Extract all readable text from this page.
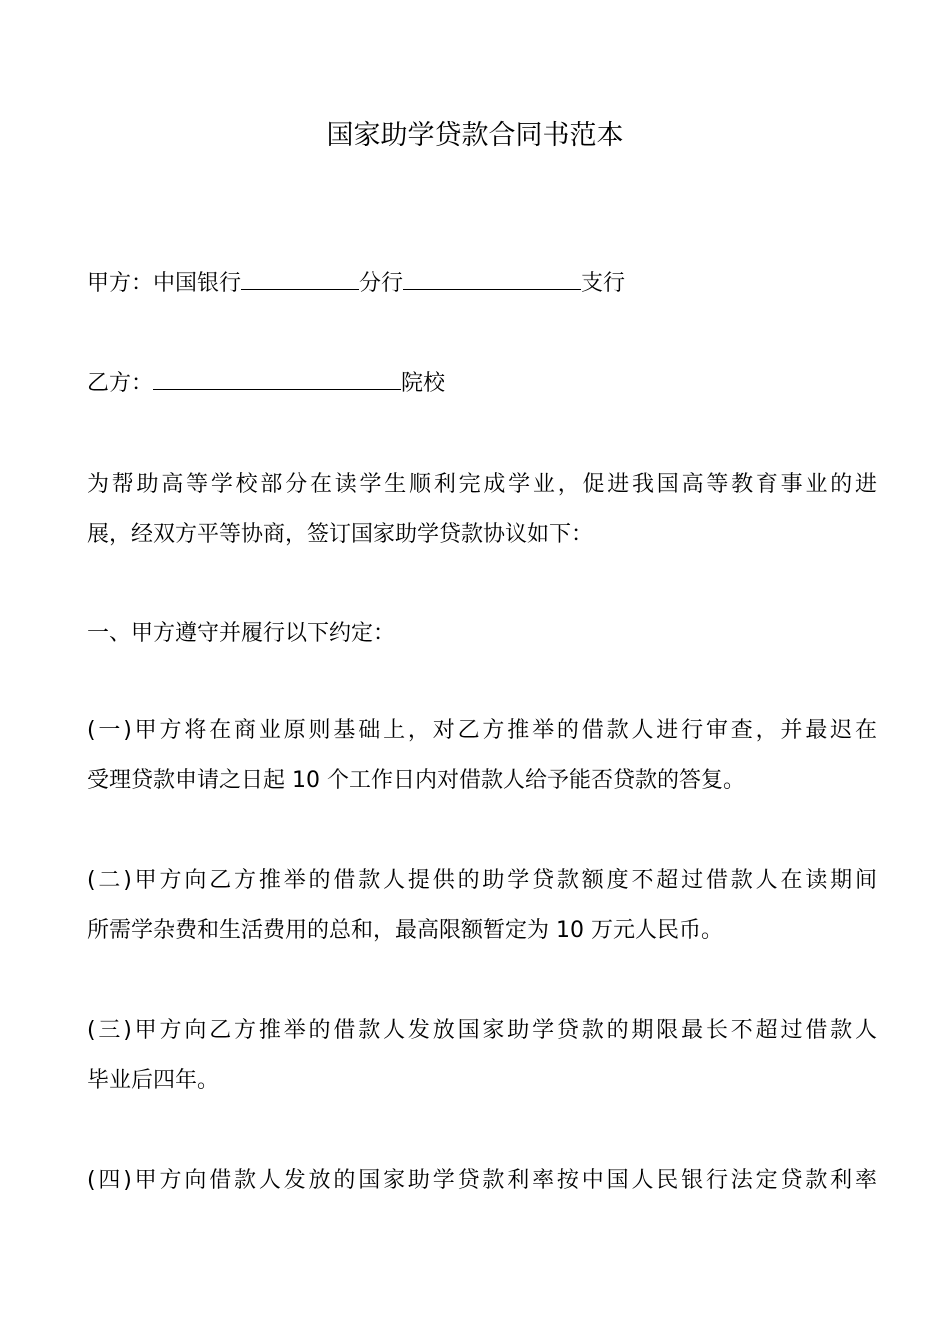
国家助学贷款合同书范本
甲方：中国银行	分行	支行
乙方：	院校
为帮助高等学校部分在读学生顺利完成学业，促进我国高等教育事业的进
展，经双方平等协商，签订国家助学贷款协议如下：
一、甲方遵守并履行以下约定：
(一)甲方将在商业原则基础上，对乙方推举的借款人进行审查，并最迟在
受理贷款申请之日起 10 个工作日内对借款人给予能否贷款的答复。
(二)甲方向乙方推举的借款人提供的助学贷款额度不超过借款人在读期间
所需学杂费和生活费用的总和，最高限额暂定为 10 万元人民币。
(三)甲方向乙方推举的借款人发放国家助学贷款的期限最长不超过借款人
毕业后四年。
(四)甲方向借款人发放的国家助学贷款利率按中国人民银行法定贷款利率
